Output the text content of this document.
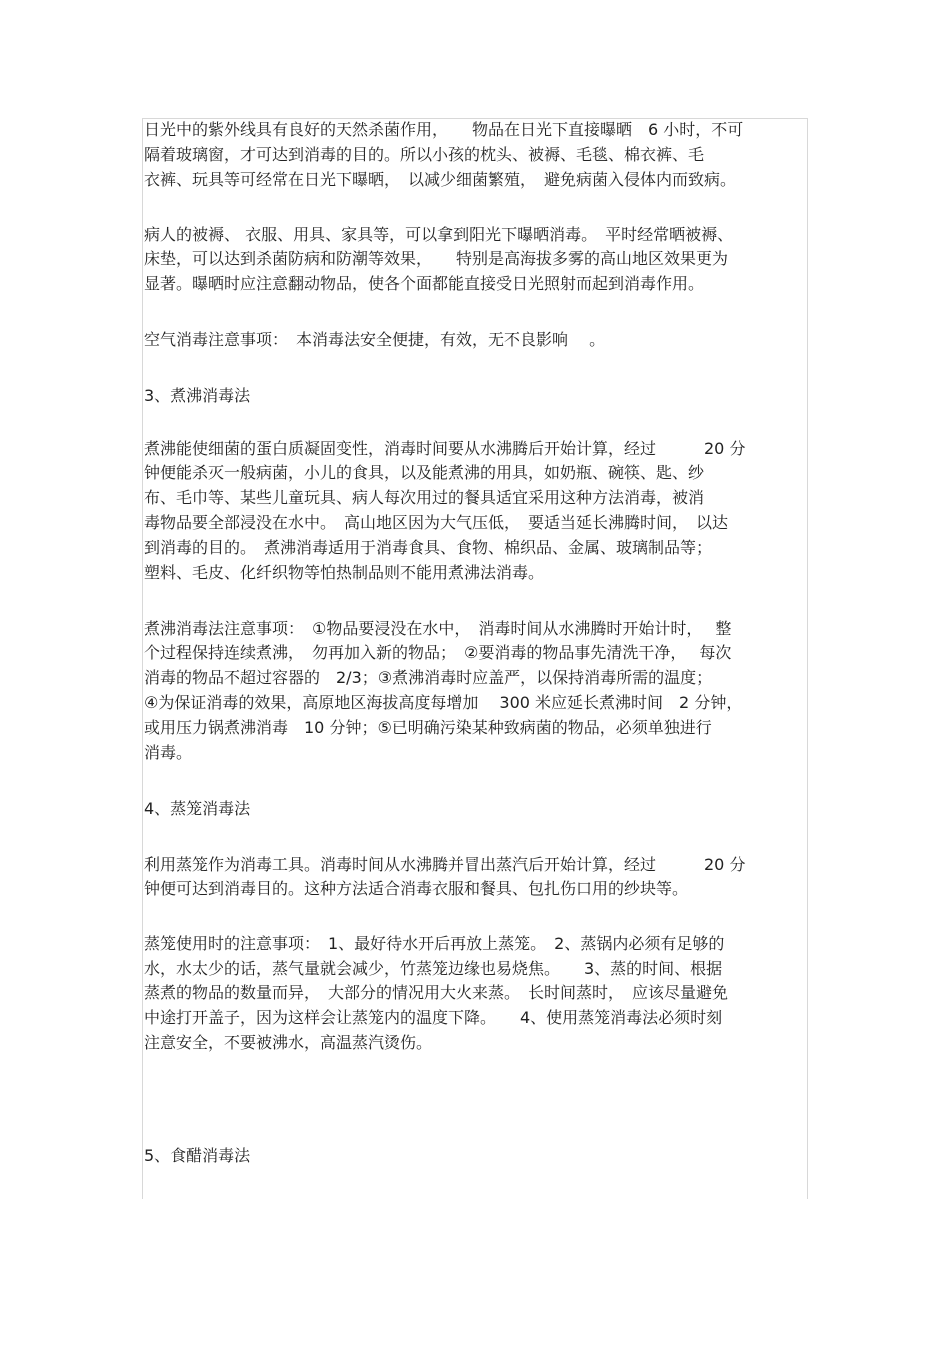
日光中的紫外线具有良好的天然杀菌作用，　　物品在日光下直接曝晒　6 小时，不可
隔着玻璃窗，才可达到消毒的目的。所以小孩的枕头、被褥、毛毯、棉衣裤、毛
衣裤、玩具等可经常在日光下曝晒，　以减少细菌繁殖，　避免病菌入侵体内而致病。
病人的被褥、 衣服、用具、家具等，可以拿到阳光下曝晒消毒。　平时经常晒被褥、
床垫，可以达到杀菌防病和防潮等效果，　　特别是高海拔多雾的高山地区效果更为
显著。曝晒时应注意翻动物品，使各个面都能直接受日光照射而起到消毒作用。
空气消毒注意事项：　本消毒法安全便捷，有效，无不良影响　 。
3、煮沸消毒法
煮沸能使细菌的蛋白质凝固变性，消毒时间要从水沸腾后开始计算，经过　　　20 分
钟便能杀灭一般病菌，小儿的食具，以及能煮沸的用具，如奶瓶、碗筷、匙、纱
布、毛巾等、某些儿童玩具、病人每次用过的餐具适宜采用这种方法消毒，被消
毒物品要全部浸没在水中。　高山地区因为大气压低，　要适当延长沸腾时间，　以达
到消毒的目的。　煮沸消毒适用于消毒食具、食物、棉织品、金属、玻璃制品等；
塑料、毛皮、化纤织物等怕热制品则不能用煮沸法消毒。
煮沸消毒法注意事项：　①物品要浸没在水中，　消毒时间从水沸腾时开始计时，　 整
个过程保持连续煮沸，　勿再加入新的物品；　②要消毒的物品事先清洗干净，　 每次
消毒的物品不超过容器的　2/3；③煮沸消毒时应盖严，以保持消毒所需的温度；
④为保证消毒的效果，高原地区海拔高度每增加　 300 米应延长煮沸时间　2 分钟，
或用压力锅煮沸消毒　10 分钟；⑤已明确污染某种致病菌的物品，必须单独进行
消毒。
4、蒸笼消毒法
利用蒸笼作为消毒工具。消毒时间从水沸腾并冒出蒸汽后开始计算，经过　　　20 分
钟便可达到消毒目的。这种方法适合消毒衣服和餐具、包扎伤口用的纱块等。
蒸笼使用时的注意事项：　1、最好待水开后再放上蒸笼。　2、蒸锅内必须有足够的
水，水太少的话，蒸气量就会减少，竹蒸笼边缘也易烧焦。　　3、蒸的时间、根据
蒸煮的物品的数量而异，　大部分的情况用大火来蒸。　长时间蒸时，　应该尽量避免
中途打开盖子，因为这样会让蒸笼内的温度下降。　　4、使用蒸笼消毒法必须时刻
注意安全，不要被沸水，高温蒸汽烫伤。
5、食醋消毒法
